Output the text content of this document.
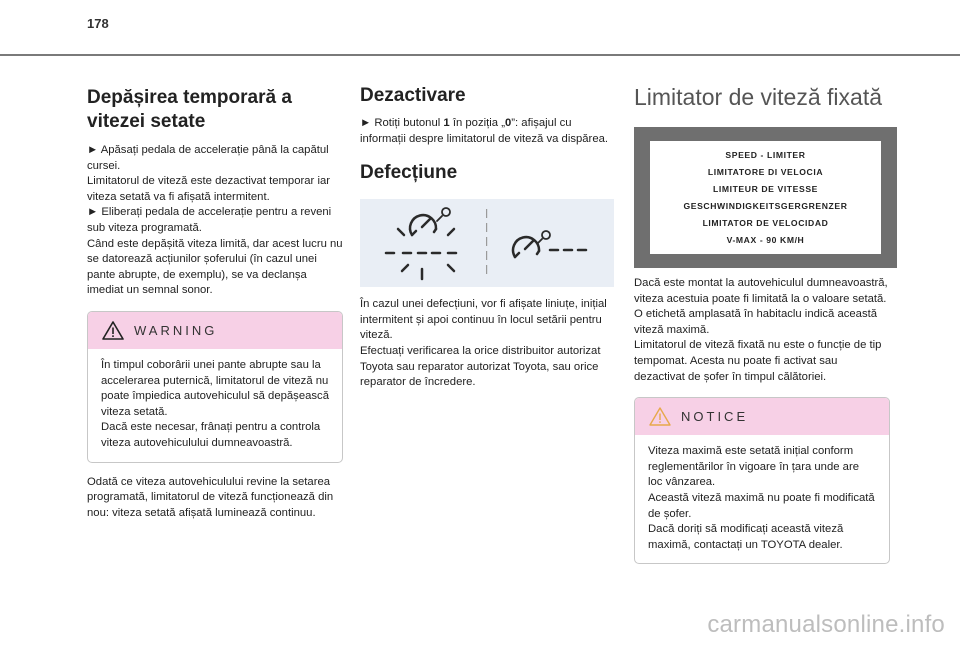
178
Depășirea temporară a
vitezei setate

► Apăsați pedala de accelerație până la capătul cursei.

Limitatorul de viteză este dezactivat temporar iar viteza setată va fi afișată intermitent.

► Eliberați pedala de accelerație pentru a reveni sub viteza programată.

Când este depășită viteza limită, dar acest lucru nu se datorează acțiunilor șoferului (în cazul unei pante abrupte, de exemplu), se va declanșa imediat un semnal sonor.

WARNING

În timpul coborârii unei pante abrupte sau la accelerarea puternică, limitatorul de viteză nu poate împiedica autovehiculul să depășească viteza setată.

Dacă este necesar, frânați pentru a controla viteza autovehiculului dumneavoastră.

Odată ce viteza autovehiculului revine la setarea programată, limitatorul de viteză funcționează din nou: viteza setată afișată luminează continuu.
Dezactivare
► Rotiți butonul 1 în poziția „0”: afișajul cu informații despre limitatorul de viteză va dispărea.
Defecțiune

În cazul unei defecțiuni, vor fi afișate liniuțe, inițial intermitent și apoi continuu în locul setării pentru viteză.

Efectuați verificarea la orice distribuitor autorizat Toyota sau reparator autorizat Toyota, sau orice reparator de încredere.

Limitator de viteză fixată
SPEED - LIMITER
LIMITATORE DI VELOCIA
LIMITEUR DE VITESSE
GESCHWINDIGKEITSGERGRENZER
LIMITATOR DE VELOCIDAD
V-MAX - 90 KM/H

Dacă este montat la autovehiculul dumneavoastră, viteza acestuia poate fi limitată la o valoare setată.

O etichetă amplasată în habitaclu indică această viteză maximă.

Limitatorul de viteză fixată nu este o funcție de tip tempomat. Acesta nu poate fi activat sau dezactivat de șofer în timpul călătoriei.

NOTICE

Viteza maximă este setată inițial conform reglementărilor în vigoare în țara unde are loc vânzarea.

Această viteză maximă nu poate fi modificată de șofer.

Dacă doriți să modificați această viteză maximă, contactați un TOYOTA dealer.

carmanualsonline.info
